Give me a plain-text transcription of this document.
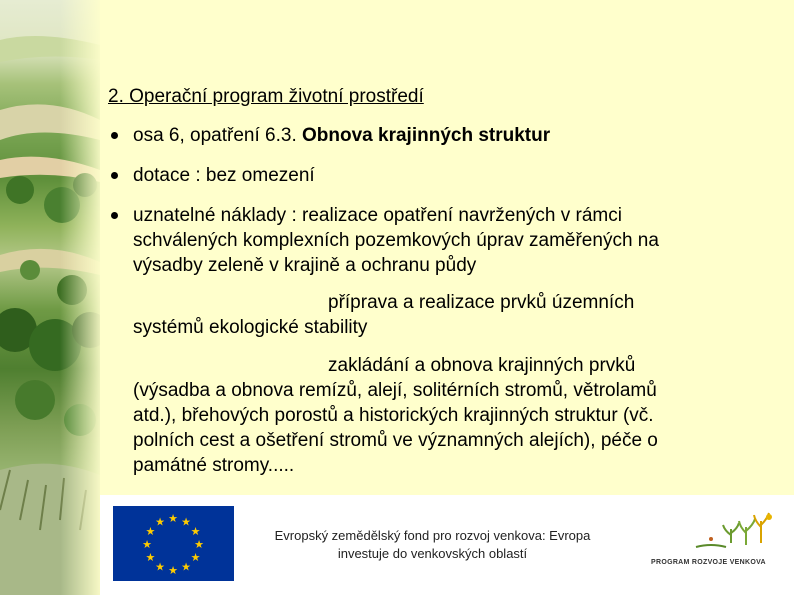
2. Operační program životní prostředí
osa 6, opatření 6.3. Obnova krajinných struktur
dotace : bez omezení
uznatelné náklady : realizace opatření navržených v rámci
schválených komplexních pozemkových úprav zaměřených na
výsadby zeleně v krajině a ochranu půdy
příprava a realizace prvků územních
systémů ekologické stability
zakládání a obnova krajinných prvků
(výsadba a obnova remízů, alejí, solitérních stromů, větrolamů
atd.), břehových porostů a historických krajinných struktur (vč.
polních cest a ošetření stromů ve významných alejích), péče o
památné stromy.....
★ ★
★
★
★
★
★
★
★
★
★
★
Evropský zemědělský fond pro rozvoj venkova: Evropa
investuje do venkovských oblastí
PROGRAM ROZVOJE VENKOVA
